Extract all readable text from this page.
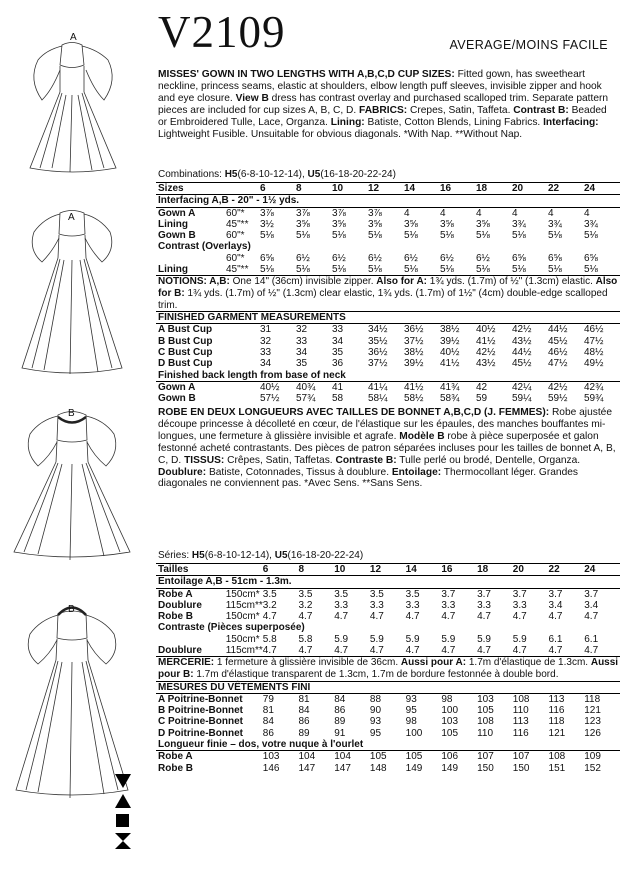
A
A
B
B
V2109	AVERAGE/MOINS FACILE
MISSES' GOWN IN TWO LENGTHS WITH A,B,C,D CUP SIZES: Fitted gown, has sweetheart neckline, princess seams, elastic at shoulders, elbow length puff sleeves, invisible zipper and hook and eye closure. View B dress has contrast overlay and purchased scalloped trim. Separate pattern pieces are included for cup sizes A, B, C, D. FABRICS: Crepes, Satin, Taffeta. Contrast B: Beaded or Embroidered Tulle, Lace, Organza. Lining: Batiste, Cotton Blends, Lining Fabrics. Interfacing: Lightweight Fusible. Unsuitable for obvious diagonals. *With Nap. **Without Nap.
Combinations: H5(6-8-10-12-14), U5(16-18-20-22-24)
Sizes		6	8	10	12	14	16	18	20	22	24
Interfacing A,B - 20" - 1½ yds.											
Gown A	60"*	3⅞	3⅞	3⅞	3⅞	4	4	4	4	4	4
Lining	45"**	3½	3⅝	3⅝	3⅝	3⅝	3⅝	3⅝	3¾	3¾	3¾
Gown B	60"*	5⅛	5⅛	5⅛	5⅛	5⅛	5⅛	5⅛	5⅛	5⅛	5⅛
Contrast (Overlays)											
	60"*	6⅝	6½	6½	6½	6½	6½	6½	6⅝	6⅝	6⅝
Lining	45"**	5⅛	5⅛	5⅛	5⅛	5⅛	5⅛	5⅛	5⅛	5⅛	5⅛
NOTIONS: A,B: One 14" (36cm) invisible zipper. Also for A: 1¾ yds. (1.7m) of ½" (1.3cm) elastic. Also for B: 1¾ yds. (1.7m) of ½" (1.3cm) clear elastic, 1¾ yds. (1.7m) of 1½" (4cm) double-edge scalloped trim.											
FINISHED GARMENT MEASUREMENTS											
A Bust Cup		31	32	33	34½	36½	38½	40½	42½	44½	46½
B Bust Cup		32	33	34	35½	37½	39½	41½	43½	45½	47½
C Bust Cup		33	34	35	36½	38½	40½	42½	44½	46½	48½
D Bust Cup		34	35	36	37½	39½	41½	43½	45½	47½	49½
Finished back length from base of neck											
Gown A		40½	40¾	41	41¼	41½	41¾	42	42¼	42½	42¾
Gown B		57½	57¾	58	58¼	58½	58¾	59	59¼	59½	59¾
ROBE EN DEUX LONGUEURS AVEC TAILLES DE BONNET A,B,C,D (J. FEMMES): Robe ajustée découpe princesse à décolleté en cœur, de l'élastique sur les épaules, des manches bouffantes mi-longues, une fermeture à glissière invisible et agrafe. Modèle B robe à pièce superposée et galon festonné acheté contrastants. Des pièces de patron séparées incluses pour les tailles de bonnet A, B, C, D. TISSUS: Crêpes, Satin, Taffetas. Contraste B: Tulle perlé ou brodé, Dentelle, Organza. Doublure: Batiste, Cotonnades, Tissus à doublure. Entoilage: Thermocollant léger. Grandes diagonales ne conviennent pas. *Avec Sens. **Sans Sens.
Séries: H5(6-8-10-12-14), U5(16-18-20-22-24)
Tailles		6	8	10	12	14	16	18	20	22	24
Entoilage A,B - 51cm - 1.3m.											
Robe A	150cm*	3.5	3.5	3.5	3.5	3.5	3.7	3.7	3.7	3.7	3.7
Doublure	115cm**	3.2	3.2	3.3	3.3	3.3	3.3	3.3	3.3	3.4	3.4
Robe B	150cm*	4.7	4.7	4.7	4.7	4.7	4.7	4.7	4.7	4.7	4.7
Contraste (Pièces superposée)											
	150cm*	5.8	5.8	5.9	5.9	5.9	5.9	5.9	5.9	6.1	6.1
Doublure	115cm**	4.7	4.7	4.7	4.7	4.7	4.7	4.7	4.7	4.7	4.7
MERCERIE: 1 fermeture à glissière invisible de 36cm. Aussi pour A: 1.7m d'élastique de 1.3cm. Aussi pour B: 1.7m d'élastique transparent de 1.3cm, 1.7m de bordure festonnée à double bord.											
MESURES DU VÊTEMENTS FINI											
A Poitrine-Bonnet		79	81	84	88	93	98	103	108	113	118
B Poitrine-Bonnet		81	84	86	90	95	100	105	110	116	121
C Poitrine-Bonnet		84	86	89	93	98	103	108	113	118	123
D Poitrine-Bonnet		86	89	91	95	100	105	110	116	121	126
Longueur finie – dos, votre nuque à l'ourlet											
Robe A		103	104	104	105	105	106	107	107	108	109
Robe B		146	147	147	148	149	149	150	150	151	152
